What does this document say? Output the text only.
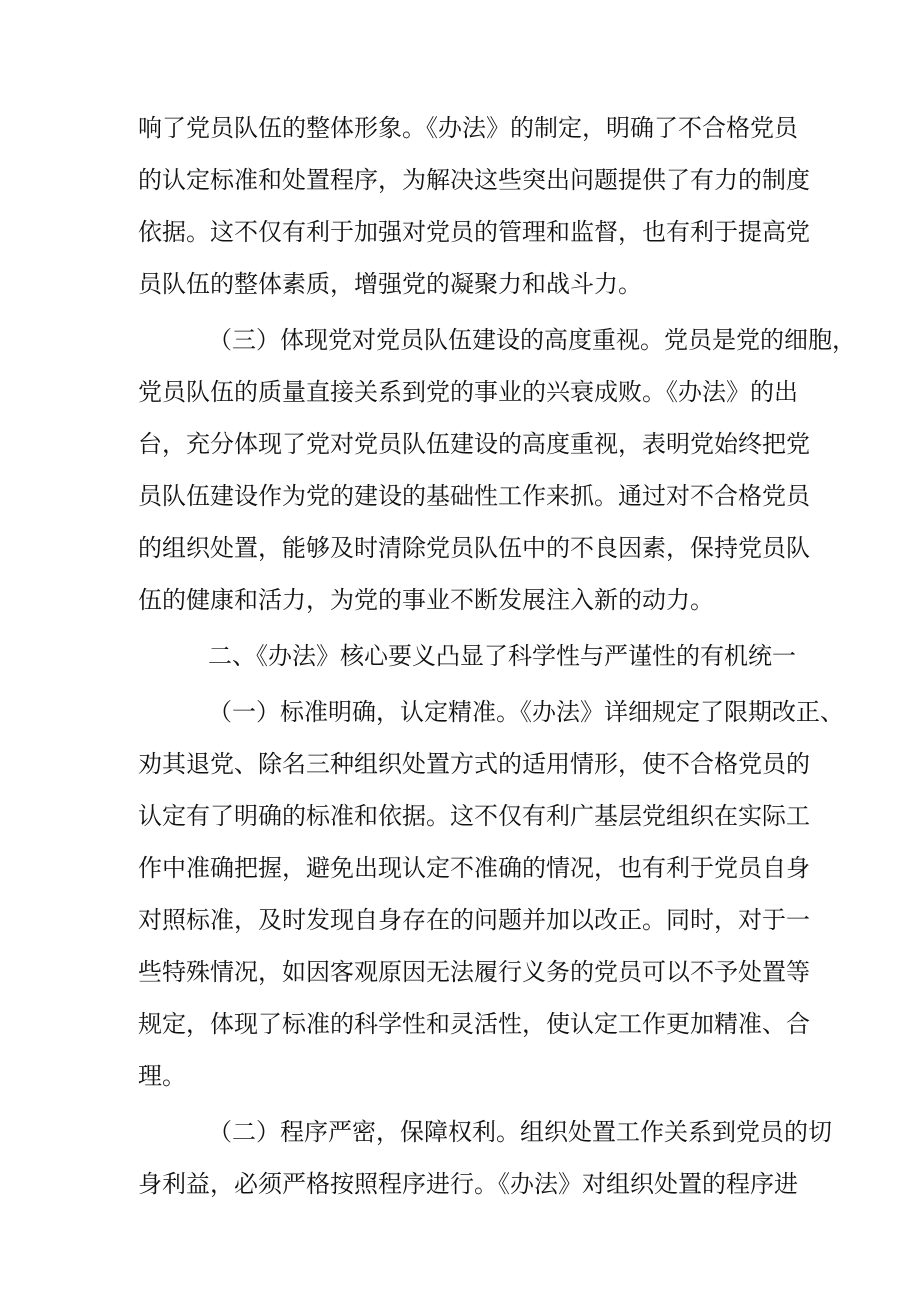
响了党员队伍的整体形象。《办法》的制定，明确了不合格党员

的认定标准和处置程序，为解决这些突出问题提供了有力的制度

依据。这不仅有利于加强对党员的管理和监督，也有利于提高党

员队伍的整体素质，增强党的凝聚力和战斗力。

（三）体现党对党员队伍建设的高度重视。党员是党的细胞，

党员队伍的质量直接关系到党的事业的兴衰成败。《办法》的出

台，充分体现了党对党员队伍建设的高度重视，表明党始终把党

员队伍建设作为党的建设的基础性工作来抓。通过对不合格党员

的组织处置，能够及时清除党员队伍中的不良因素，保持党员队

伍的健康和活力，为党的事业不断发展注入新的动力。

二、《办法》核心要义凸显了科学性与严谨性的有机统一

（一）标准明确，认定精准。《办法》详细规定了限期改正、

劝其退党、除名三种组织处置方式的适用情形，使不合格党员的

认定有了明确的标准和依据。这不仅有利广基层党组织在实际工

作中准确把握，避免出现认定不准确的情况，也有利于党员自身

对照标准，及时发现自身存在的问题并加以改正。同时，对于一

些特殊情况，如因客观原因无法履行义务的党员可以不予处置等

规定，体现了标准的科学性和灵活性，使认定工作更加精准、合

理。

（二）程序严密，保障权利。组织处置工作关系到党员的切

身利益，必须严格按照程序进行。《办法》对组织处置的程序进
